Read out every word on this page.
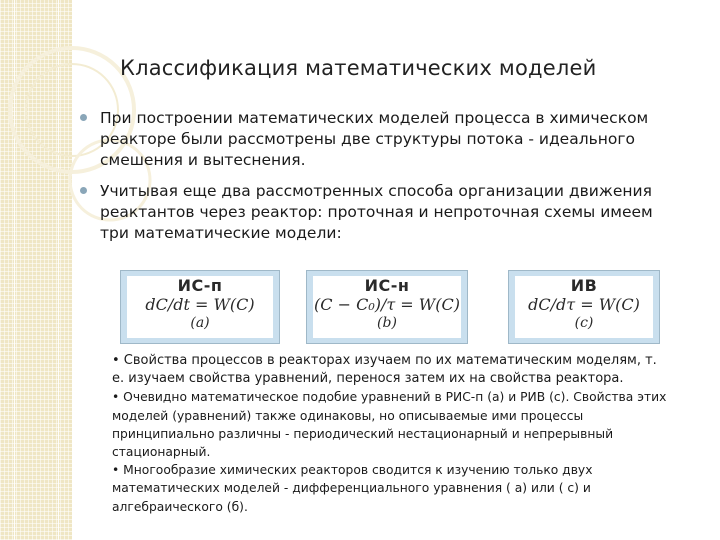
Классификация математических моделей
При построении математических моделей процесса в химическом реакторе были рассмотрены две структуры потока - идеального смешения и вытеснения.
Учитывая еще два рассмотренных способа организации движения реактантов через реактор: проточная и непроточная схемы имеем три математические модели:
ИС-п
dC/dt = W(C)
(a)
ИС-н
(C − C₀)/τ = W(C)
(b)
ИВ
dC/dτ = W(C)
(c)

• Свойства процессов в реакторах изучаем по их математическим моделям, т. е. изучаем свойства уравнений, перенося затем их на свойства реактора.

• Очевидно математическое подобие уравнений в РИС-п (а) и РИВ (с). Свойства этих моделей (уравнений) также одинаковы, но описываемые ими процессы принципиально различны - периодический нестационарный и непрерывный стационарный.

• Многообразие химических реакторов сводится к изучению только двух математических моделей - дифференциального уравнения ( а) или ( с) и алгебраического (б).
